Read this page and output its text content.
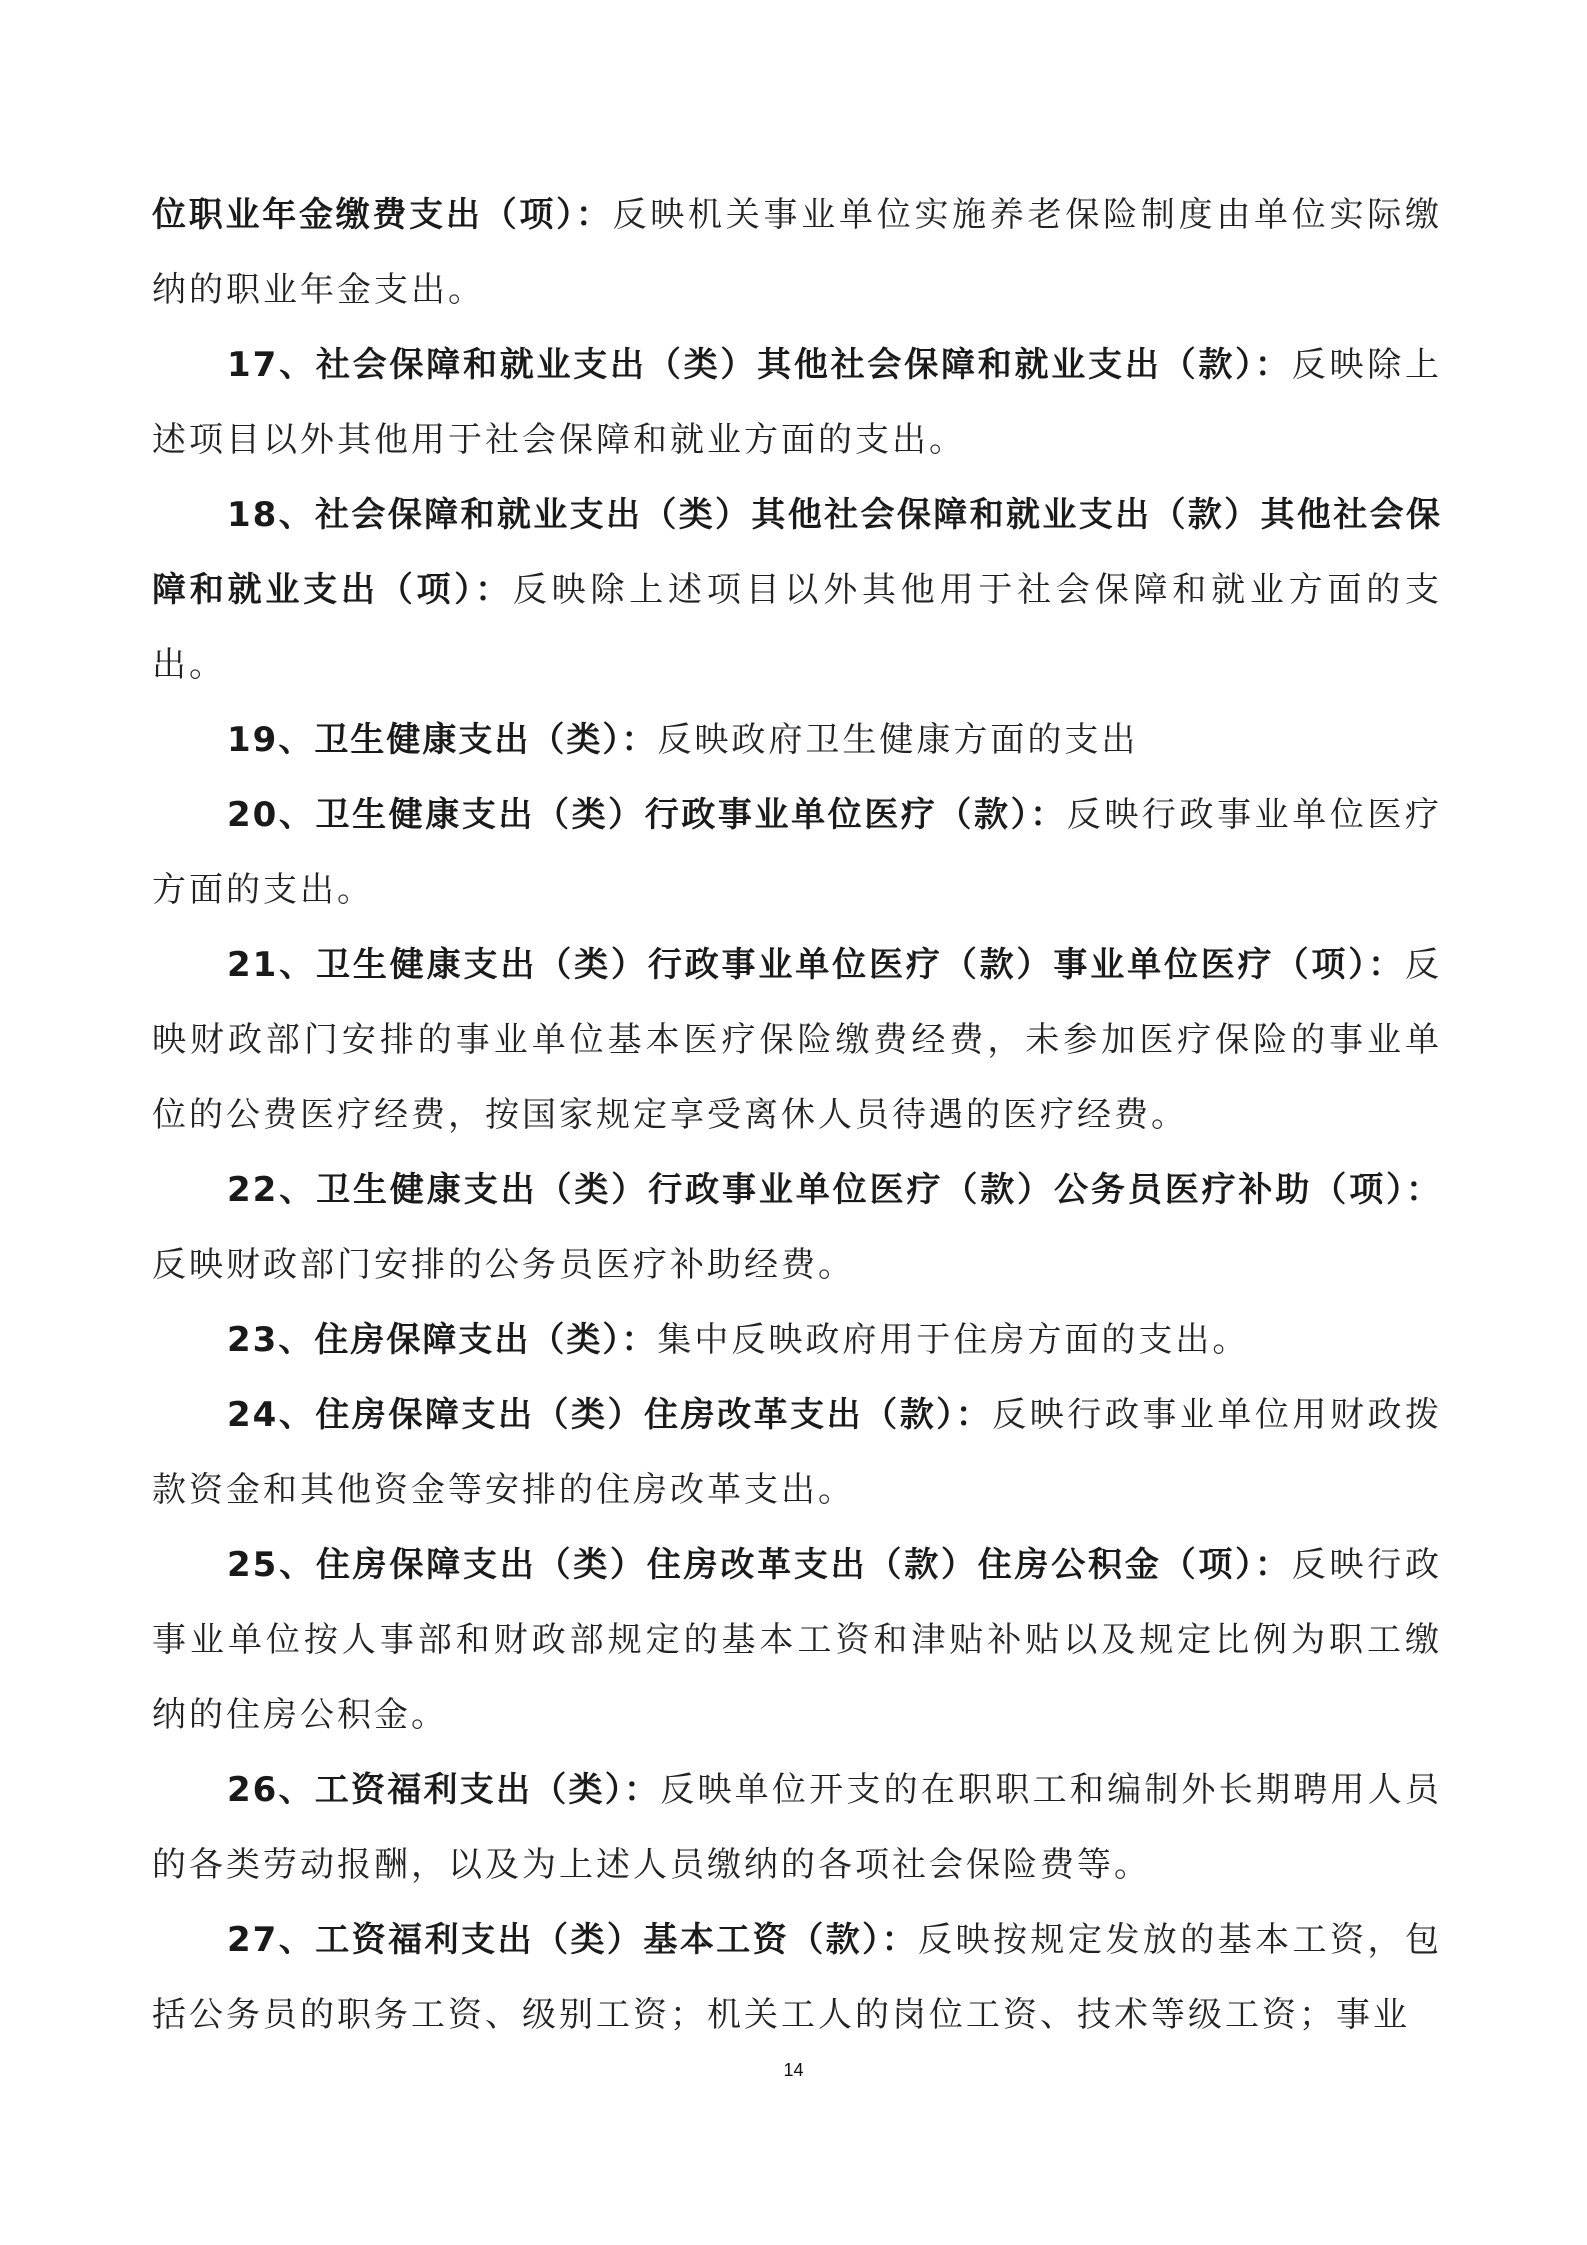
位职业年金缴费支出（项）：反映机关事业单位实施养老保险制度由单位实际缴纳的职业年金支出。

17、社会保障和就业支出（类）其他社会保障和就业支出（款）：反映除上述项目以外其他用于社会保障和就业方面的支出。

18、社会保障和就业支出（类）其他社会保障和就业支出（款）其他社会保障和就业支出（项）：反映除上述项目以外其他用于社会保障和就业方面的支出。

19、卫生健康支出（类）：反映政府卫生健康方面的支出

20、卫生健康支出（类）行政事业单位医疗（款）：反映行政事业单位医疗方面的支出。

21、卫生健康支出（类）行政事业单位医疗（款）事业单位医疗（项）：反映财政部门安排的事业单位基本医疗保险缴费经费，未参加医疗保险的事业单位的公费医疗经费，按国家规定享受离休人员待遇的医疗经费。

22、卫生健康支出（类）行政事业单位医疗（款）公务员医疗补助（项）：反映财政部门安排的公务员医疗补助经费。

23、住房保障支出（类）：集中反映政府用于住房方面的支出。

24、住房保障支出（类）住房改革支出（款）：反映行政事业单位用财政拨款资金和其他资金等安排的住房改革支出。

25、住房保障支出（类）住房改革支出（款）住房公积金（项）：反映行政事业单位按人事部和财政部规定的基本工资和津贴补贴以及规定比例为职工缴纳的住房公积金。

26、工资福利支出（类）：反映单位开支的在职职工和编制外长期聘用人员的各类劳动报酬，以及为上述人员缴纳的各项社会保险费等。

27、工资福利支出（类）基本工资（款）：反映按规定发放的基本工资，包括公务员的职务工资、级别工资；机关工人的岗位工资、技术等级工资；事业

14
